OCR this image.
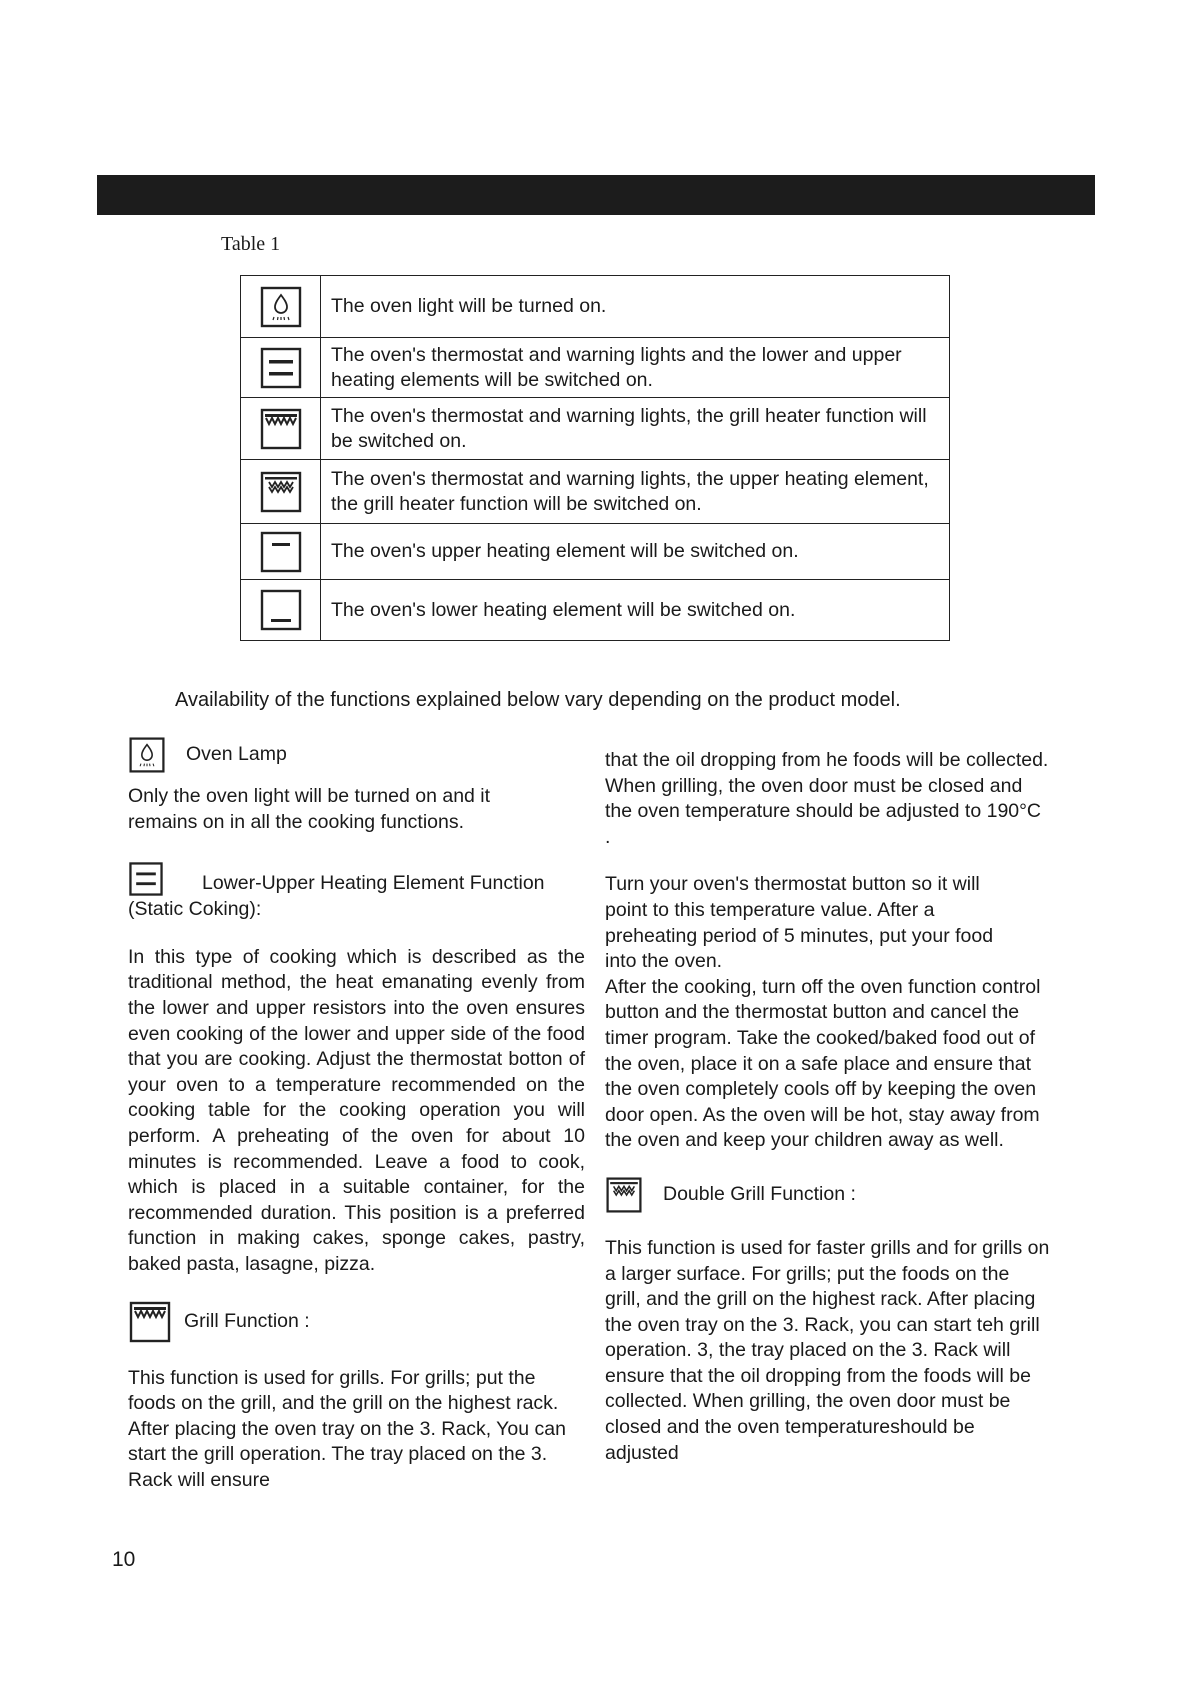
Table 1
The oven light will be turned on.
The oven's thermostat and warning lights and the lower and upper heating elements will be switched on.
The oven's thermostat and warning lights, the grill heater function will be switched on.
The oven's thermostat and warning lights, the upper heating element, the grill heater function will be switched on.
The oven's upper heating element will be switched on.
The oven's lower heating element will be switched on.

Availability of the functions explained below vary depending on the product model.

Oven Lamp

Only the oven light will be turned on and it remains on in all the cooking functions.

Lower-Upper Heating Element Function

(Static Coking):

In this type of cooking which is described as the traditional method, the heat emanating evenly from the lower and upper resistors into the oven ensures even cooking of the lower and upper side of the food that you are cooking. Adjust the thermostat botton of your oven to a temperature recommended on the cooking table for the cooking operation you will perform. A preheating of the oven for about 10 minutes is recommended. Leave a food to cook, which is placed in a suitable container, for the recommended duration. This position is a preferred function in making cakes, sponge cakes, pastry, baked pasta, lasagne, pizza.

Grill Function :

This function is used for grills. For grills; put the foods on the grill, and the grill on the highest rack. After placing the oven tray on the 3. Rack, You can start the grill operation. The tray placed on the 3. Rack will ensure

that the oil dropping from he foods will be collected. When grilling, the oven door must be closed and the oven temperature should be adjusted to 190°C .

Turn your oven's thermostat button so it will point to this temperature value. After a preheating period of 5 minutes, put your food into the oven.

After the cooking, turn off the oven function control button and the thermostat button and cancel the timer program. Take the cooked/baked food out of the oven, place it on a safe place and ensure that the oven completely cools off by keeping the oven door open. As the oven will be hot, stay away from the oven and keep your children away as well.

Double Grill Function :

This function is used for faster grills and for grills on a larger surface. For grills; put the foods on the grill, and the grill on the highest rack. After placing the oven tray on the 3. Rack, you can start teh grill operation. 3, the tray placed on the 3. Rack will ensure that the oil dropping from the foods will be collected. When grilling, the oven door must be closed and the oven temperatureshould be adjusted

10
